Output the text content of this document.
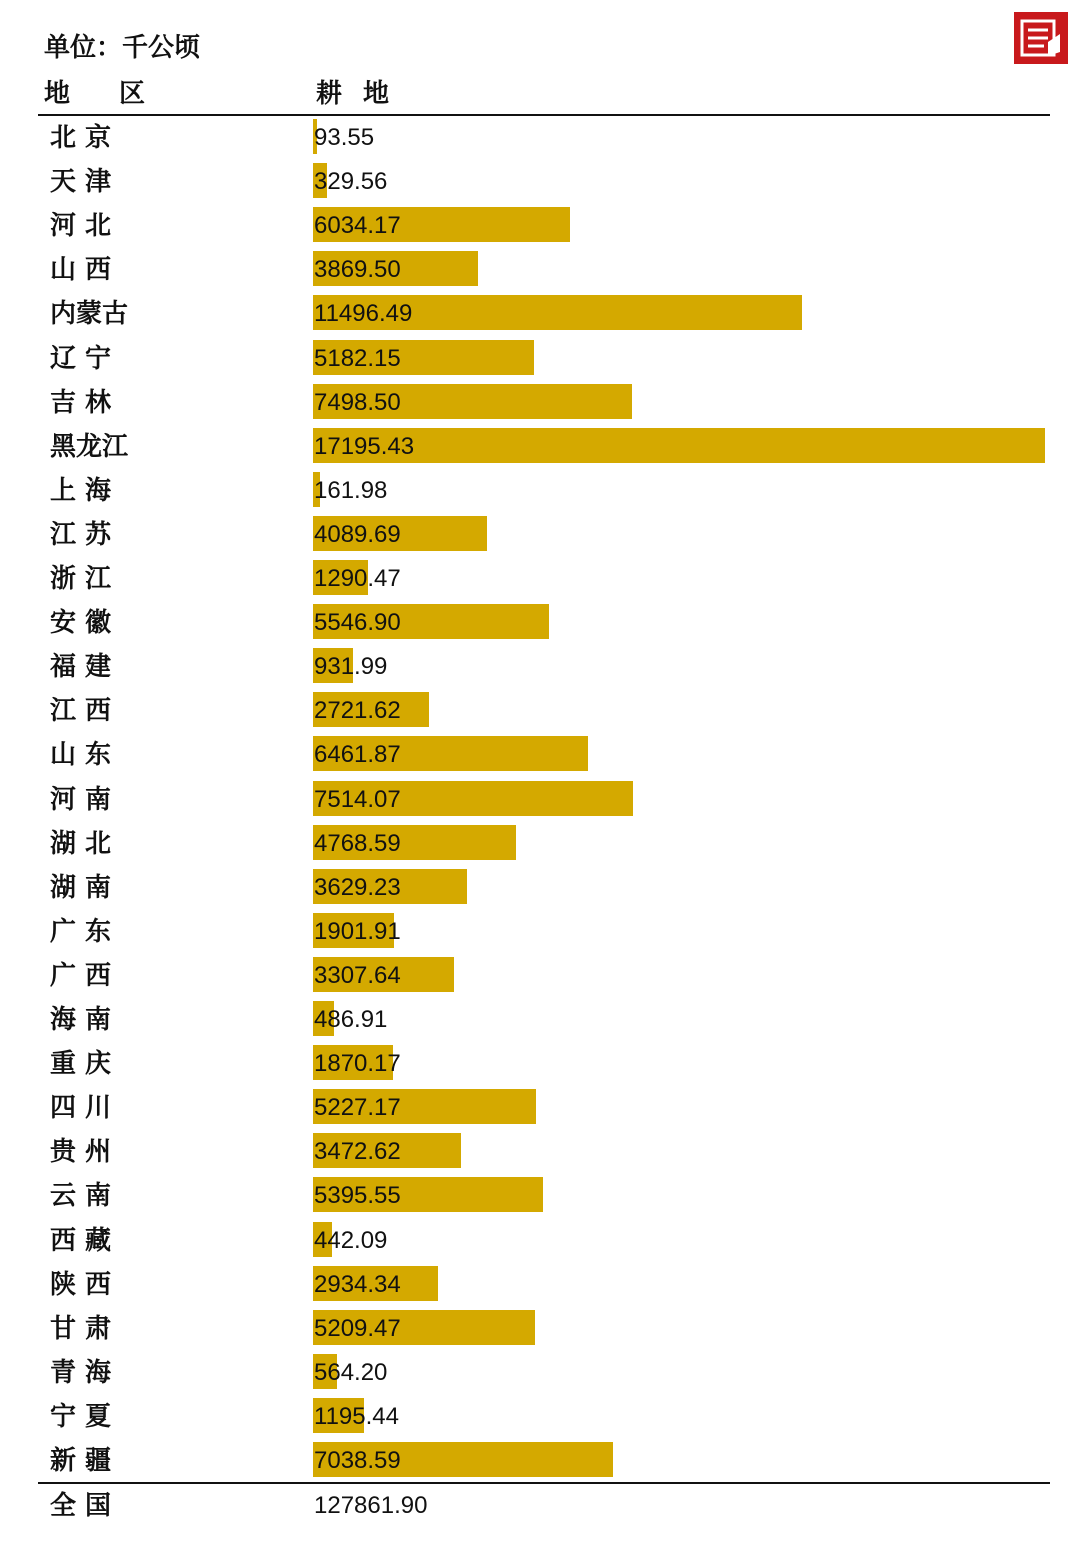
单位：千公顷
地 区	耕 地
北 京	93.55
天 津	329.56
河 北	6034.17
山 西	3869.50
内蒙古	11496.49
辽 宁	5182.15
吉 林	7498.50
黑龙江	17195.43
上 海	161.98
江 苏	4089.69
浙 江	1290.47
安 徽	5546.90
福 建	931.99
江 西	2721.62
山 东	6461.87
河 南	7514.07
湖 北	4768.59
湖 南	3629.23
广 东	1901.91
广 西	3307.64
海 南	486.91
重 庆	1870.17
四 川	5227.17
贵 州	3472.62
云 南	5395.55
西 藏	442.09
陕 西	2934.34
甘 肃	5209.47
青 海	564.20
宁 夏	1195.44
新 疆	7038.59
全 国	127861.90
